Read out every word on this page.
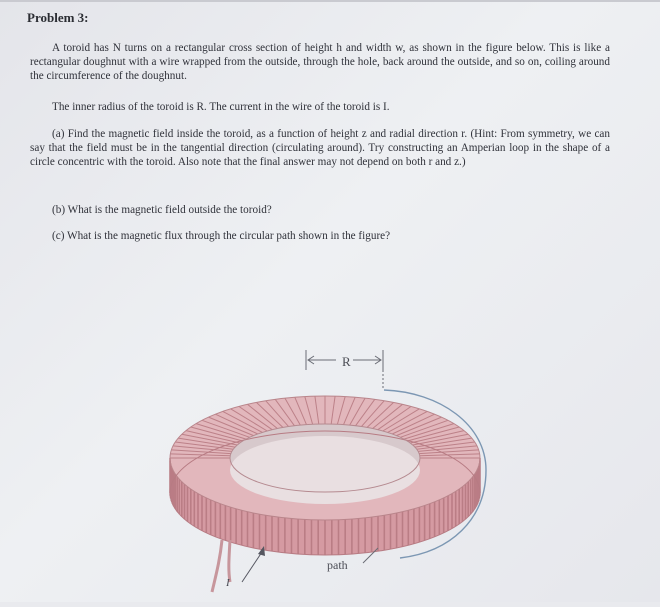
Problem 3:

A toroid has N turns on a rectangular cross section of height h and width w, as shown in the figure below. This is like a rectangular doughnut with a wire wrapped from the outside, through the hole, back around the outside, and so on, coiling around the circumference of the doughnut.

The inner radius of the toroid is R. The current in the wire of the toroid is I.

(a) Find the magnetic field inside the toroid, as a function of height z and radial direction r. (Hint: From symmetry, we can say that the field must be in the tangential direction (circulating around). Try constructing an Amperian loop in the shape of a circle concentric with the toroid. Also note that the final answer may not depend on both r and z.)

(b) What is the magnetic field outside the toroid?

(c) What is the magnetic flux through the circular path shown in the figure?

R
path
I
